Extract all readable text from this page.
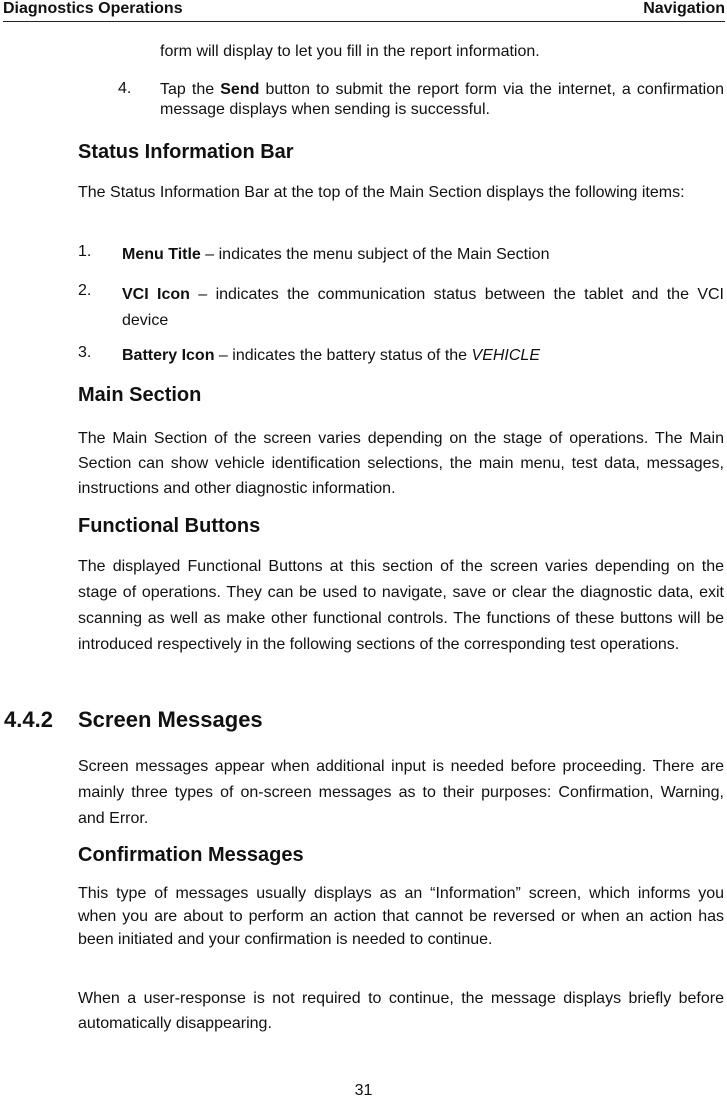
Diagnostics Operations	Navigation

form will display to let you fill in the report information.

4. Tap the Send button to submit the report form via the internet, a confirmation message displays when sending is successful.

Status Information Bar

The Status Information Bar at the top of the Main Section displays the following items:

1. Menu Title – indicates the menu subject of the Main Section

2. VCI Icon – indicates the communication status between the tablet and the VCI device

3. Battery Icon – indicates the battery status of the VEHICLE

Main Section

The Main Section of the screen varies depending on the stage of operations. The Main Section can show vehicle identification selections, the main menu, test data, messages, instructions and other diagnostic information.

Functional Buttons

The displayed Functional Buttons at this section of the screen varies depending on the stage of operations. They can be used to navigate, save or clear the diagnostic data, exit scanning as well as make other functional controls. The functions of these buttons will be introduced respectively in the following sections of the corresponding test operations.

4.4.2 Screen Messages

Screen messages appear when additional input is needed before proceeding. There are mainly three types of on-screen messages as to their purposes: Confirmation, Warning, and Error.

Confirmation Messages

This type of messages usually displays as an “Information” screen, which informs you when you are about to perform an action that cannot be reversed or when an action has been initiated and your confirmation is needed to continue.

When a user-response is not required to continue, the message displays briefly before automatically disappearing.

31
